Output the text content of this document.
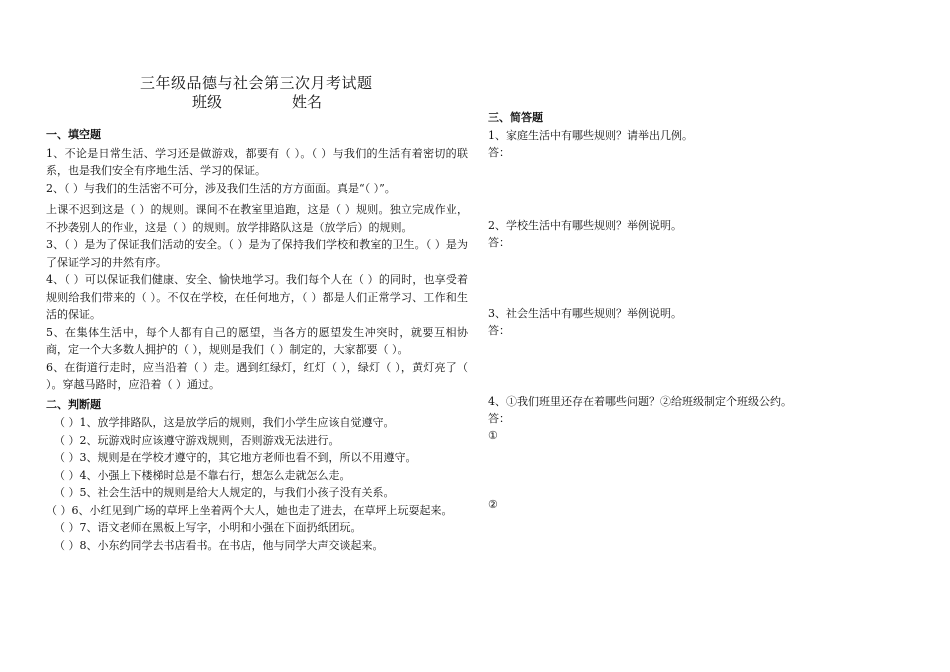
三年级品德与社会第三次月考试题
班级	姓名
一、填空题

1、不论是日常生活、学习还是做游戏，都要有（ ）。（ ）与我们的生活有着密切的联系，也是我们安全有序地生活、学习的保证。

2、（ ）与我们的生活密不可分，涉及我们生活的方方面面。真是“（ ）”。

上课不迟到这是（ ）的规则。课间不在教室里追跑，这是（ ）规则。独立完成作业，不抄袭别人的作业，这是（ ）的规则。放学排路队这是（放学后）的规则。

3、（ ）是为了保证我们活动的安全。（ ）是为了保持我们学校和教室的卫生。（ ）是为了保证学习的井然有序。

4、（ ）可以保证我们健康、安全、愉快地学习。我们每个人在（ ）的同时，也享受着规则给我们带来的（ ）。不仅在学校，在任何地方，（ ）都是人们正常学习、工作和生活的保证。

5、在集体生活中，每个人都有自己的愿望，当各方的愿望发生冲突时，就要互相协商，定一个大多数人拥护的（ ），规则是我们（ ）制定的，大家都要（ ）。

6、在街道行走时，应当沿着（ ）走。遇到红绿灯，红灯（ ），绿灯（ ），黄灯亮了（ ）。穿越马路时，应沿着（ ）通过。

二、判断题

（ ）1、放学排路队，这是放学后的规则，我们小学生应该自觉遵守。

（ ）2、玩游戏时应该遵守游戏规则，否则游戏无法进行。

（ ）3、规则是在学校才遵守的，其它地方老师也看不到，所以不用遵守。

（ ）4、小强上下楼梯时总是不靠右行，想怎么走就怎么走。

（ ）5、社会生活中的规则是给大人规定的，与我们小孩子没有关系。

（ ）6、小红见到广场的草坪上坐着两个大人，她也走了进去，在草坪上玩耍起来。

（ ）7、语文老师在黑板上写字，小明和小强在下面扔纸团玩。

（ ）8、小东约同学去书店看书。在书店，他与同学大声交谈起来。

三、简答题

1、家庭生活中有哪些规则？请举出几例。

答：

2、学校生活中有哪些规则？举例说明。

答：

3、社会生活中有哪些规则？举例说明。

答：

4、①我们班里还存在着哪些问题？②给班级制定个班级公约。

答：

①

②
